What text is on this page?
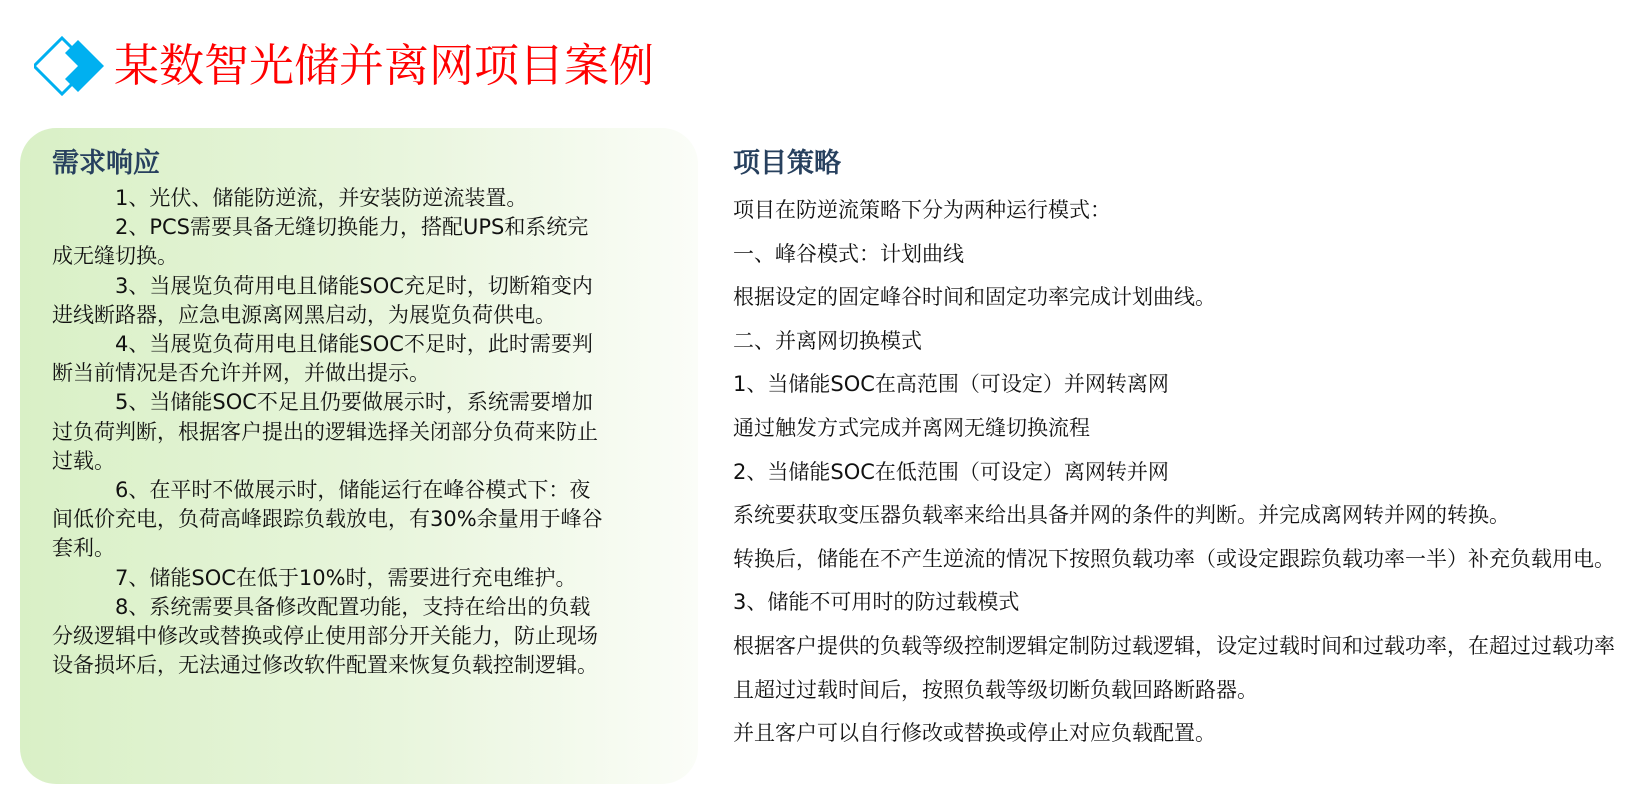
某数智光储并离网项目案例
需求响应

1、光伏、储能防逆流，并安装防逆流装置。

2、PCS需要具备无缝切换能力，搭配UPS和系统完成无缝切换。

3、当展览负荷用电且储能SOC充足时，切断箱变内进线断路器，应急电源离网黑启动，为展览负荷供电。

4、当展览负荷用电且储能SOC不足时，此时需要判断当前情况是否允许并网，并做出提示。

5、当储能SOC不足且仍要做展示时，系统需要增加过负荷判断，根据客户提出的逻辑选择关闭部分负荷来防止过载。

6、在平时不做展示时，储能运行在峰谷模式下：夜间低价充电，负荷高峰跟踪负载放电，有30%余量用于峰谷套利。

7、储能SOC在低于10%时，需要进行充电维护。

8、系统需要具备修改配置功能，支持在给出的负载分级逻辑中修改或替换或停止使用部分开关能力，防止现场设备损坏后，无法通过修改软件配置来恢复负载控制逻辑。

项目策略

项目在防逆流策略下分为两种运行模式：

一、峰谷模式：计划曲线

根据设定的固定峰谷时间和固定功率完成计划曲线。

二、并离网切换模式

1、当储能SOC在高范围（可设定）并网转离网

通过触发方式完成并离网无缝切换流程

2、当储能SOC在低范围（可设定）离网转并网

系统要获取变压器负载率来给出具备并网的条件的判断。并完成离网转并网的转换。

转换后，储能在不产生逆流的情况下按照负载功率（或设定跟踪负载功率一半）补充负载用电。

3、储能不可用时的防过载模式

根据客户提供的负载等级控制逻辑定制防过载逻辑，设定过载时间和过载功率，在超过过载功率且超过过载时间后，按照负载等级切断负载回路断路器。

并且客户可以自行修改或替换或停止对应负载配置。
